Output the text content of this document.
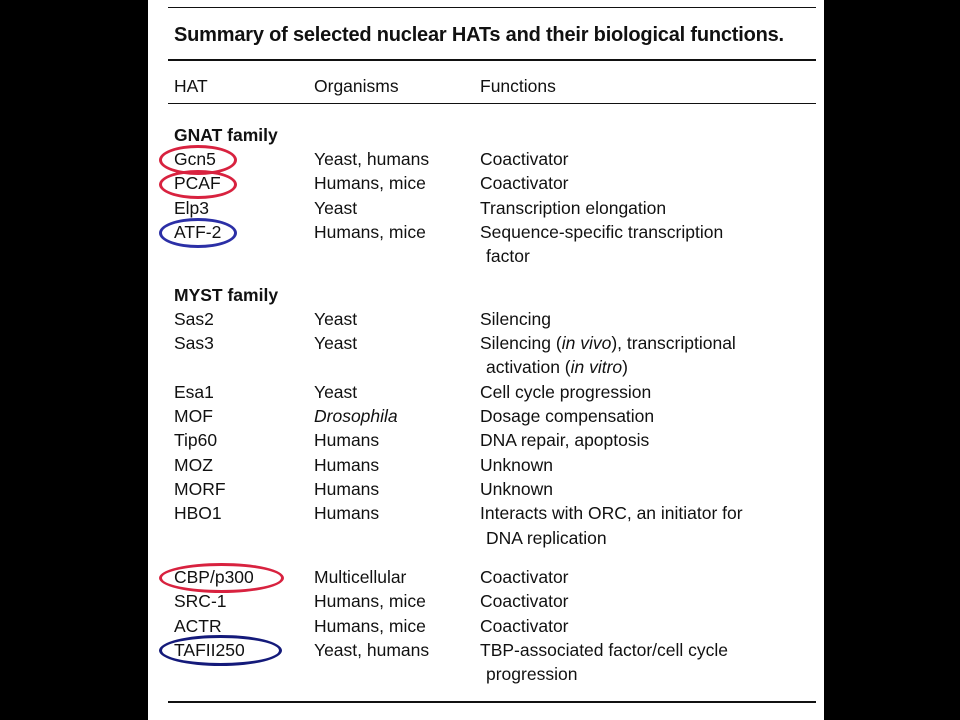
Summary of selected nuclear HATs and their biological functions.
HAT	Organisms	Functions
GNAT family
Gcn5	Yeast, humans	Coactivator
PCAF	Humans, mice	Coactivator
Elp3	Yeast	Transcription elongation
ATF-2	Humans, mice	Sequence-specific transcription
factor
MYST family
Sas2	Yeast	Silencing
Sas3	Yeast	Silencing (in vivo), transcriptional
activation (in vitro)
Esa1	Yeast	Cell cycle progression
MOF	Drosophila	Dosage compensation
Tip60	Humans	DNA repair, apoptosis
MOZ	Humans	Unknown
MORF	Humans	Unknown
HBO1	Humans	Interacts with ORC, an initiator for
DNA replication
CBP/p300	Multicellular	Coactivator
SRC-1	Humans, mice	Coactivator
ACTR	Humans, mice	Coactivator
TAFII250	Yeast, humans	TBP-associated factor/cell cycle
progression
